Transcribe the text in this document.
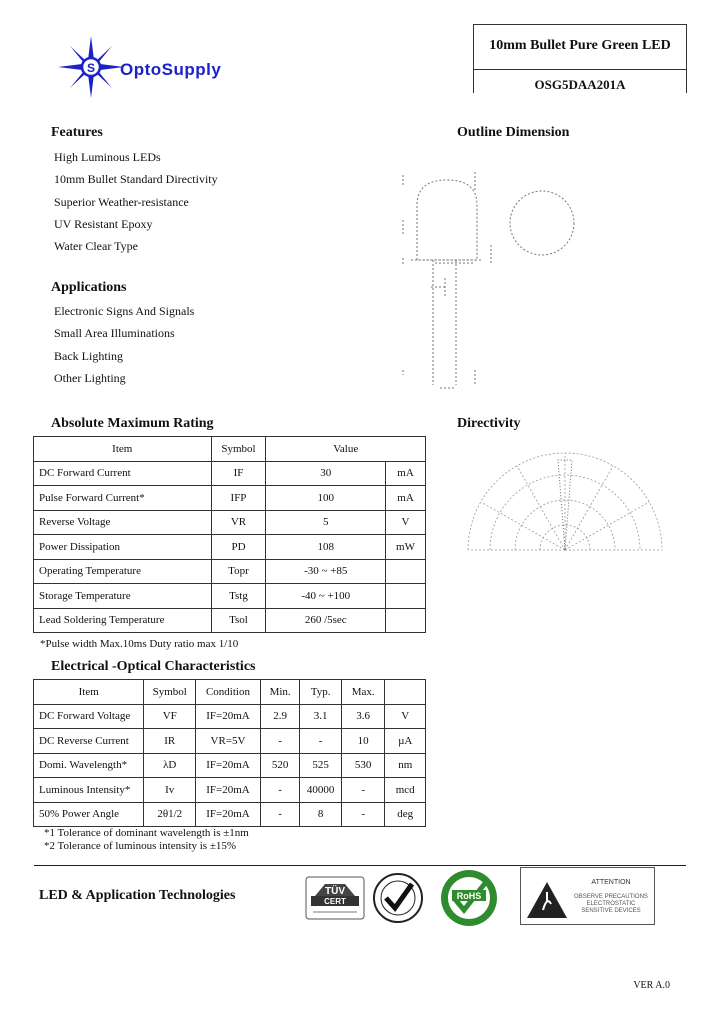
S OptoSupply
10mm Bullet Pure Green LED
OSG5DAA201A
Features
High Luminous LEDs
10mm Bullet Standard Directivity
Superior Weather-resistance
UV Resistant Epoxy
Water Clear Type
Applications
Electronic Signs And Signals
Small Area Illuminations
Back Lighting
Other Lighting
Outline Dimension
Directivity
Absolute Maximum Rating
Item	Symbol	Value	
DC Forward Current	IF	30	mA
Pulse Forward Current*	IFP	100	mA
Reverse Voltage	VR	5	V
Power Dissipation	PD	108	mW
Operating Temperature	Topr	-30 ~ +85	
Storage Temperature	Tstg	-40 ~ +100	
Lead Soldering Temperature	Tsol	260 /5sec	
*Pulse width Max.10ms Duty ratio max 1/10
Electrical -Optical Characteristics
Item	Symbol	Condition	Min.	Typ.	Max.	
DC Forward Voltage	VF	IF=20mA	2.9	3.1	3.6	V
DC Reverse Current	IR	VR=5V	-	-	10	µA
Domi. Wavelength*	λD	IF=20mA	520	525	530	nm
Luminous Intensity*	Iv	IF=20mA	-	40000	-	mcd
50% Power Angle	2θ1/2	IF=20mA	-	8	-	deg
*1 Tolerance of dominant wavelength is ±1nm
*2 Tolerance of luminous intensity is ±15%
LED & Application Technologies	TÜV
CERT
RoHS
ATTENTION
OBSERVE PRECAUTIONS
ELECTROSTATIC
SENSITIVE DEVICES
VER A.0
